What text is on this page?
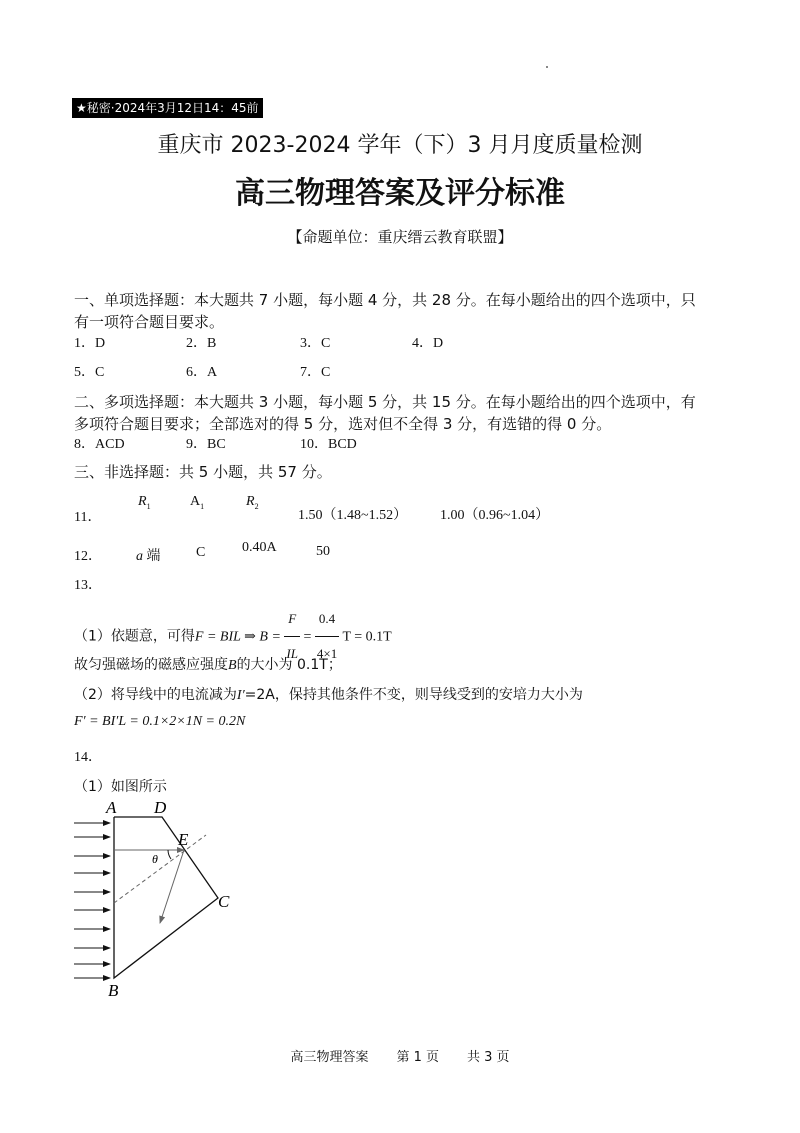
★秘密·2024年3月12日14：45前
重庆市 2023-2024 学年（下）3 月月度质量检测
高三物理答案及评分标准
【命题单位：重庆缙云教育联盟】
一、单项选择题：本大题共 7 小题，每小题 4 分，共 28 分。在每小题给出的四个选项中，只
有一项符合题目要求。
1．D	2．B	3．C	4．D
5．C	6．A	7．C
二、多项选择题：本大题共 3 小题，每小题 5 分，共 15 分。在每小题给出的四个选项中，有
多项符合题目要求；全部选对的得 5 分，选对但不全得 3 分，有选错的得 0 分。
8．ACD	9．BC	10．BCD
三、非选择题：共 5 小题，共 57 分。
11．
$R_1$	$A_1$	$R_2$
1.50（1.48~1.52） 1.00（0.96~1.04）
12． a 端	C	0.40A	50
13．
（1）依题意，可得F = BIL ⇒ $B = \frac{F}{IL} = \frac{0.4}{4\times 1}$ T = 0.1T
故匀强磁场的磁感应强度B的大小为 0.1T；
（2）将导线中的电流减为I′=2A，保持其他条件不变，则导线受到的安培力大小为
F′ = BI′L = 0.1×2×1N = 0.2N
14．
（1）如图所示
A D
E
C
B
θ
高三物理答案 第 1 页 共 3 页
